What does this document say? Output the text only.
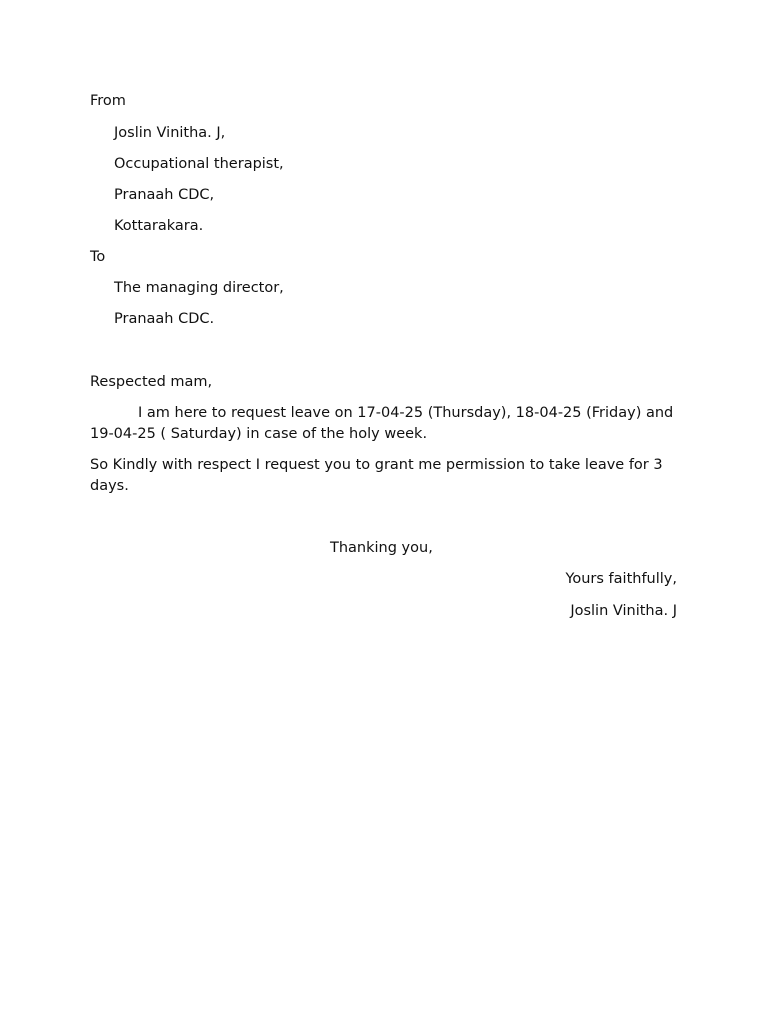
From

Joslin Vinitha. J,

Occupational therapist,

Pranaah CDC,

Kottarakara.

To

The managing director,

Pranaah CDC.

Respected mam,

I am here to request leave on 17-04-25 (Thursday), 18-04-25 (Friday) and 19-04-25 ( Saturday) in case of the holy week.

So Kindly with respect I request you to grant me permission to take leave for 3 days.

Thanking you,

Yours faithfully,

Joslin Vinitha. J
